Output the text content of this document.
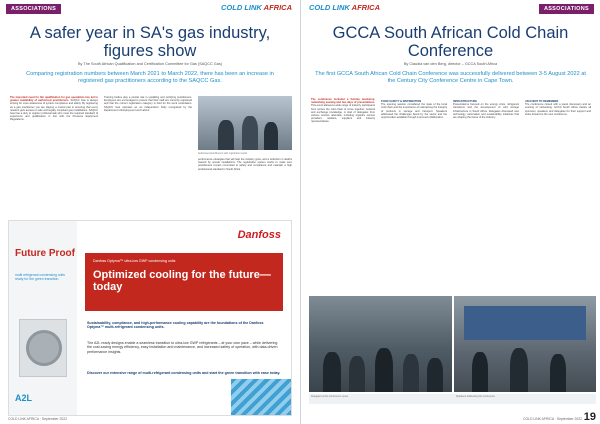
ASSOCIATIONS	COLD LINK AFRICA
A safer year in SA's gas industry, figures show
By The South African Qualification and Certification Committee for Gas (SAQCC Gas)
Comparing registration numbers between March 2021 to March 2022, there has been an increase in registered gas practitioners according to the SAQCC Gas.
The important need for fair qualification for gas specialists has led to greater availability of authorised practitioners. SAQCC Gas is always striving for more awareness of system compliance and safety. By registering as a gas practitioner you are playing a crucial part in ensuring that every resident gets access to safe and legally compliant gas installations. SAQCC Gas has a duty to register professionals who meet the required standard of experience and qualification in line with the Pressure Equipment Regulations.
Training bodies play a pivotal role in upskilling and certifying practitioners. Employers are encouraged to ensure that their staff are correctly registered and that the correct registration category is held for the work undertaken. SAQCC Gas operates as an independent body recognised by the Department of Employment and Labour.
Authorised practitioners with registration cards
performance strategies that will help the industry grow, and a reduction in deaths caused by unsafe installations. The registration system works to make sure practitioners remain committed to safety and compliance and maintain a high professional standard in South Africa.
Future Proof
multi refrigerant condensing units ready for the green transition
A2L
Danfoss
Danfoss Optyma™ ultra-low GWP condensing units
Optimized cooling for the future—today
Sustainability, compliance, and high-performance cooling capability are the foundations of the Danfoss Optyma™ multi-refrigerant condensing units.
The A2L ready designs enable a seamless transition to ultra-low GWP refrigerants – at your own pace – while delivering the cost-saving energy efficiency, easy installation and maintenance, and increased safety of operation, with data-driven performance insights.
Discover our extensive range of multi-refrigerant condensing units and start the green transition with ease today.
COLD LINK AFRICA · September 2022
COLD LINK AFRICA	ASSOCIATIONS
GCCA South African Cold Chain Conference
By Claudia van den Berg, director – GCCA South Africa
The first GCCA South African Cold Chain Conference was successfully delivered between 3-5 August 2022 at the Century City Conference Centre in Cape Town.
The conference included a full-day workshop, networking evening and two days of presentations. This event allowed a wide range of industry participants from across the cold chain to come together, network and exchange knowledge. A total of delegates from various sectors attended, including logistics service providers, retailers, suppliers and industry representatives.
FOOD SAFETY & DISTRIBUTION
The opening session considered the state of the local cold chain and the importance of maintaining the integrity of products in storage and transport. Speakers addressed the challenges faced by the sector and the opportunities available through improved collaboration.
INFRASTRUCTURE
Presentations focused on the energy crisis, refrigerant transitions and the development of cold storage infrastructure in South Africa. Delegates discussed new technology, automation and sustainability initiatives that are shaping the future of the industry.
AN EVENT TO REMEMBER
The conference closed with a panel discussion and an evening of networking. GCCA South Africa thanks all sponsors, speakers and delegates for their support and looks forward to the next conference.
Delegates at the conference venue	Speakers addressing the conference
COLD LINK AFRICA · September 2022 19
